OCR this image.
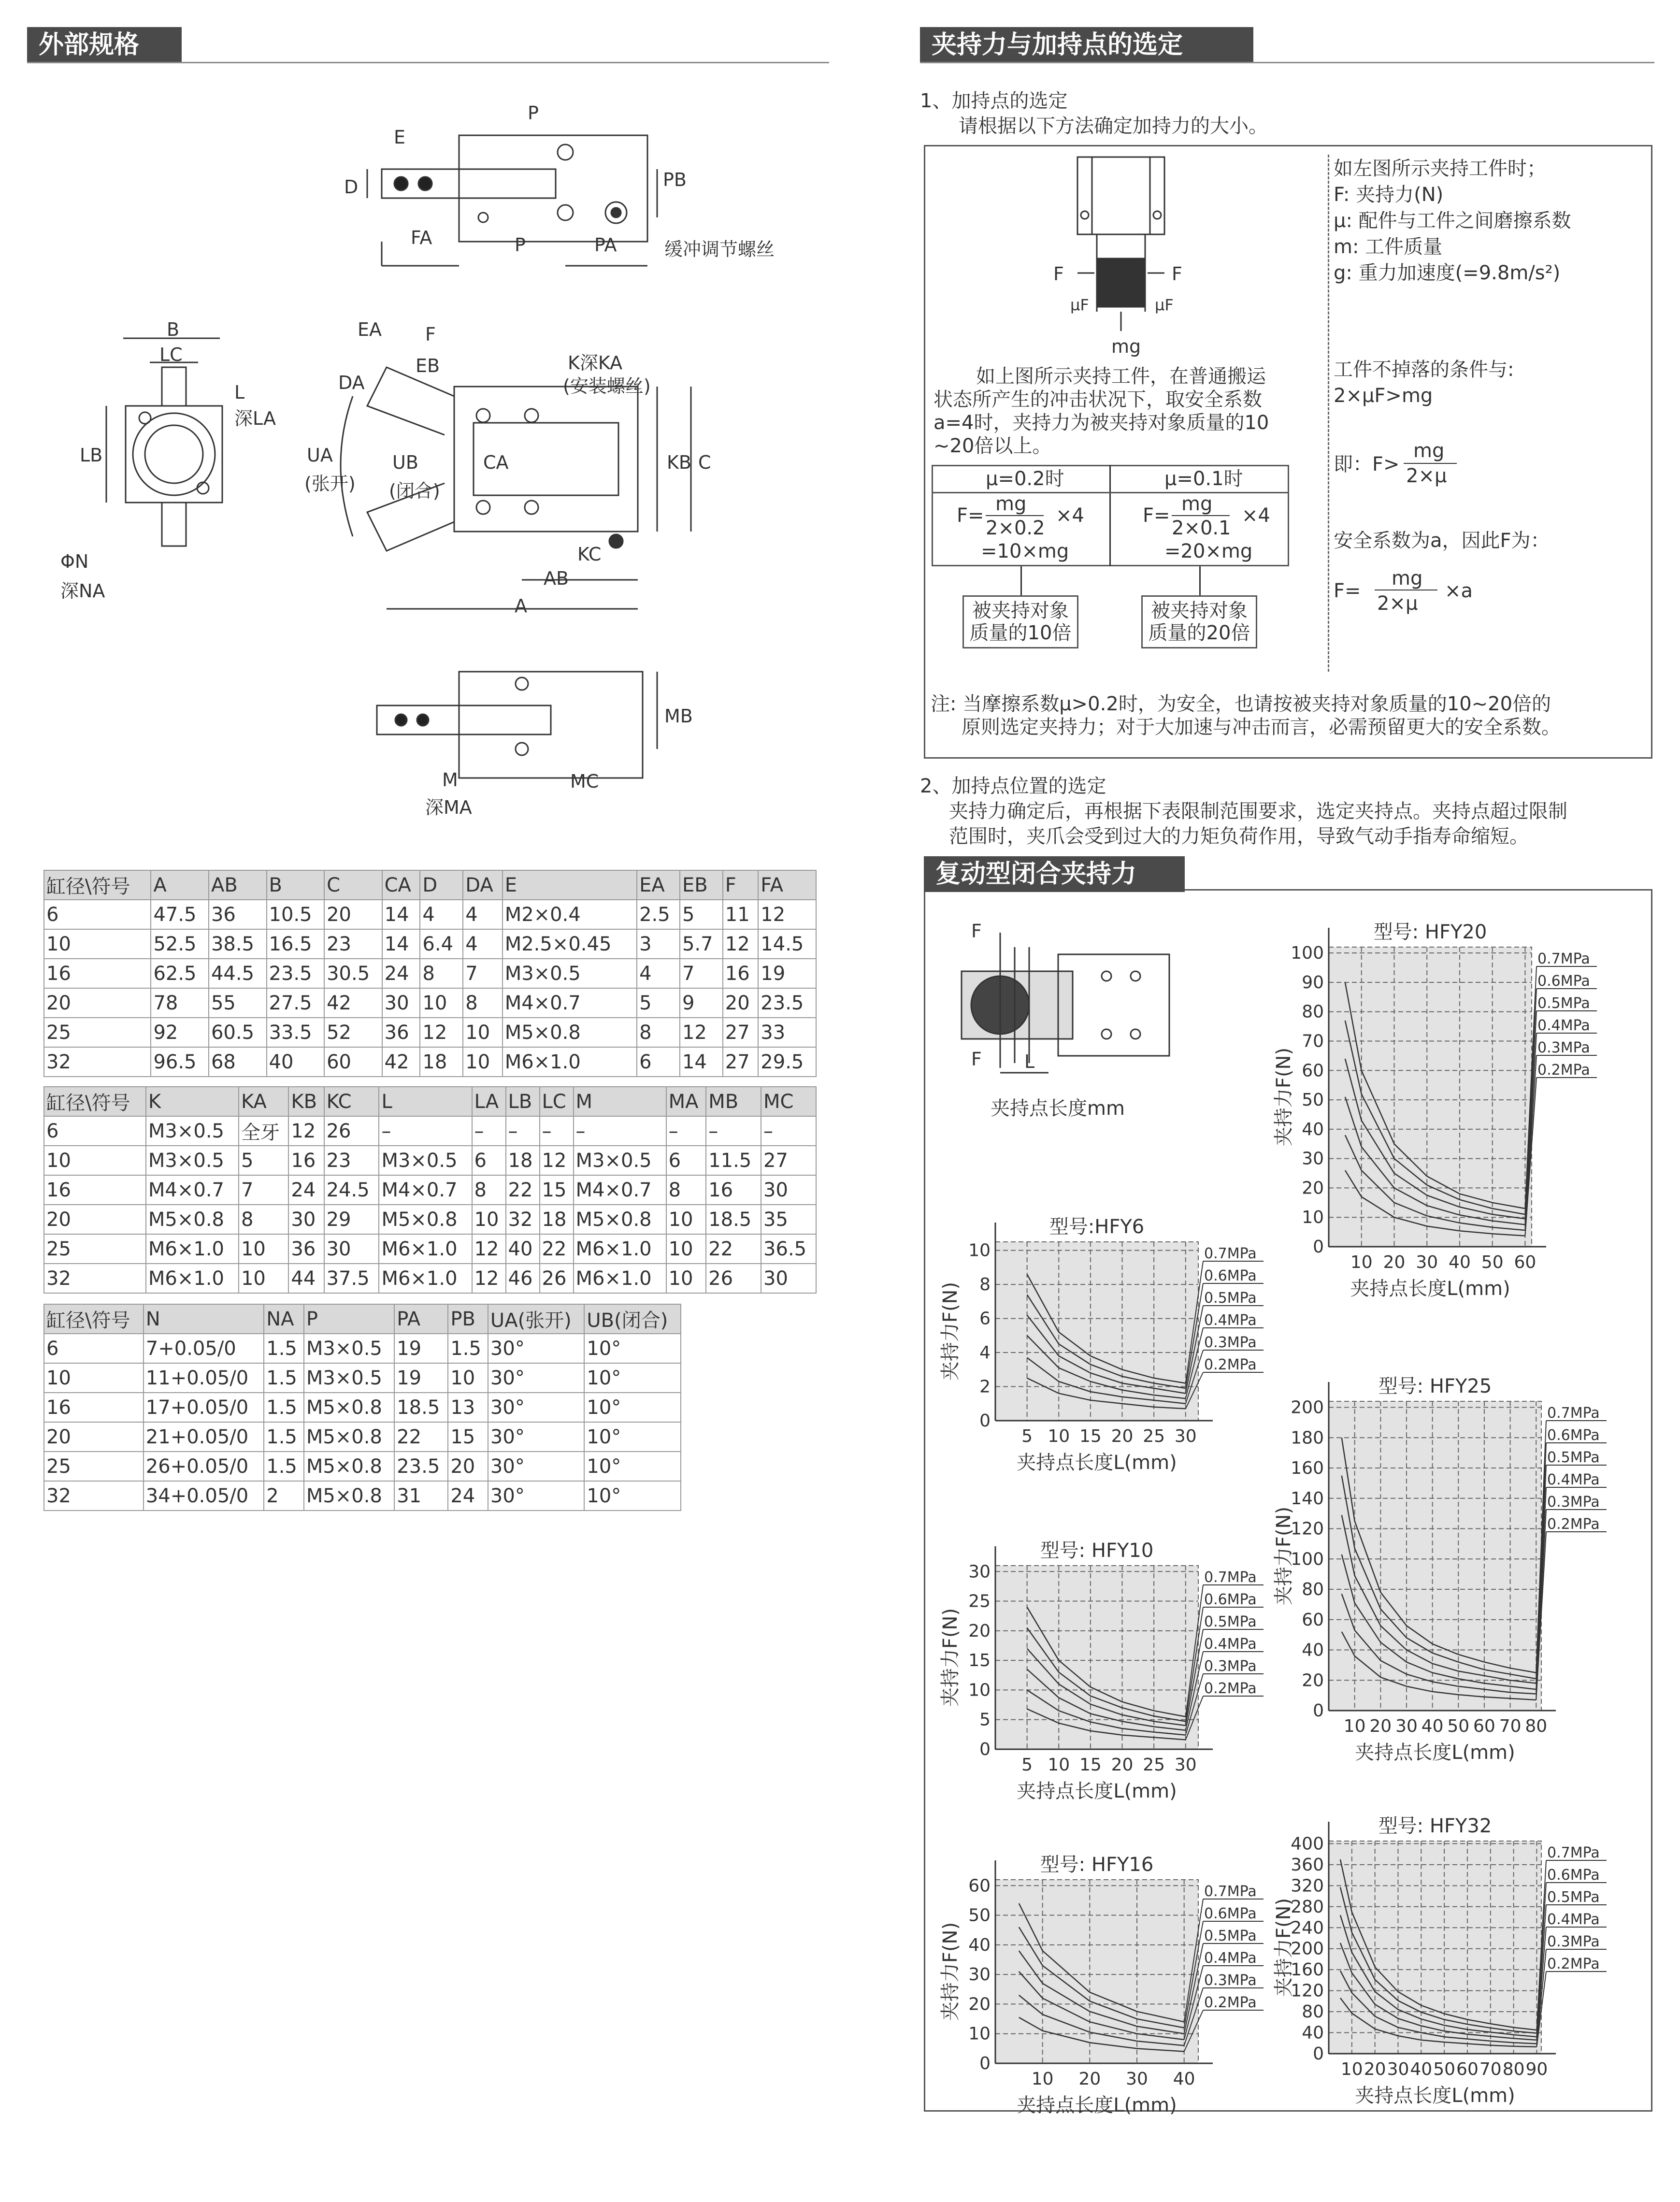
外部规格
E
P
D	PB
FA	P	PA	缓冲调节螺丝
B
LC
L
深LA
LB
ΦN
深NA
EA F
EB
DA
K深KA
(安装螺丝)
UA
(张开)
UB
(闭合)
CA	KB C
KC
AB
A
MB
M
深MA
MC
缸径\符号	A	AB	B	C	CA	D	DA	E	EA	EB	F	FA
6	47.5	36	10.5	20	14	4	4	M2×0.4	2.5	5	11	12
10	52.5	38.5	16.5	23	14	6.4	4	M2.5×0.45	3	5.7	12	14.5
16	62.5	44.5	23.5	30.5	24	8	7	M3×0.5	4	7	16	19
20	78	55	27.5	42	30	10	8	M4×0.7	5	9	20	23.5
25	92	60.5	33.5	52	36	12	10	M5×0.8	8	12	27	33
32	96.5	68	40	60	42	18	10	M6×1.0	6	14	27	29.5
缸径\符号	K	KA	KB	KC	L	LA	LB	LC	M	MA	MB	MC
6	M3×0.5	全牙	12	26	–	–	–	–	–	–	–	–
10	M3×0.5	5	16	23	M3×0.5	6	18	12	M3×0.5	6	11.5	27
16	M4×0.7	7	24	24.5	M4×0.7	8	22	15	M4×0.7	8	16	30
20	M5×0.8	8	30	29	M5×0.8	10	32	18	M5×0.8	10	18.5	35
25	M6×1.0	10	36	30	M6×1.0	12	40	22	M6×1.0	10	22	36.5
32	M6×1.0	10	44	37.5	M6×1.0	12	46	26	M6×1.0	10	26	30
缸径\符号	N	NA	P	PA	PB	UA(张开)	UB(闭合)
6	7+0.05/0	1.5	M3×0.5	19	1.5	30°	10°
10	11+0.05/0	1.5	M3×0.5	19	10	30°	10°
16	17+0.05/0	1.5	M5×0.8	18.5	13	30°	10°
20	21+0.05/0	1.5	M5×0.8	22	15	30°	10°
25	26+0.05/0	1.5	M5×0.8	23.5	20	30°	10°
32	34+0.05/0	2	M5×0.8	31	24	30°	10°
夹持力与加持点的选定
1、加持点的选定
请根据以下方法确定加持力的大小。
F	F
μF	μF
mg
如上图所示夹持工件，在普通搬运
状态所产生的冲击状况下，取安全系数
a=4时，夹持力为被夹持对象质量的10
~20倍以上。
μ=0.2时	μ=0.1时
mg
F=
2×0.2
×4
=10×mg
mg
F=
2×0.1
×4
=20×mg
被夹持对象
质量的10倍
被夹持对象
质量的20倍
如左图所示夹持工件时；
F: 夹持力(N)
μ: 配件与工件之间磨擦系数
m: 工件质量
g: 重力加速度(=9.8m/s²)
工件不掉落的条件与:
2×μF>mg
即：F>
mg
2×μ
安全系数为a，因此F为：
F=
mg
2×μ
×a
注: 当摩擦系数μ>0.2时，为安全，也请按被夹持对象质量的10~20倍的
原则选定夹持力；对于大加速与冲击而言，必需预留更大的安全系数。
2、加持点位置的选定
夹持力确定后，再根据下表限制范围要求，选定夹持点。夹持点超过限制
范围时，夹爪会受到过大的力矩负荷作用，导致气动手指寿命缩短。
复动型闭合夹持力
F
F L
夹持点长度mm
0
2
4
6
8
10
5 10 15 20 25 30
型号:HFY6
夹持点长度L(mm)
夹持力F(N)
0.7MPa
0.6MPa
0.5MPa
0.4MPa
0.3MPa
0.2MPa
0
5
10
15
20
25
30
5 10 15 20 25 30
型号: HFY10
夹持点长度L(mm)
夹持力F(N)
0.7MPa
0.6MPa
0.5MPa
0.4MPa
0.3MPa
0.2MPa
0
10
20
30
40
50
60
10 20 30 40
型号: HFY16
夹持点长度L(mm)
夹持力F(N)
0.7MPa
0.6MPa
0.5MPa
0.4MPa
0.3MPa
0.2MPa
0
10
20
30
40
50
60
70
80
90
100
10 20 30 40 50 60
型号: HFY20
夹持点长度L(mm)
夹持力F(N)
0.7MPa
0.6MPa
0.5MPa
0.4MPa
0.3MPa
0.2MPa
0
20
40
60
80
100
120
140
160
180
200
10 20 30 40 50 60 70 80
型号: HFY25
夹持点长度L(mm)
夹持力F(N)
0.7MPa
0.6MPa
0.5MPa
0.4MPa
0.3MPa
0.2MPa
0
40
80
120
160
200
240
280
320
360
400
10 20 30 40 50 60 70 80 90
型号: HFY32
夹持点长度L(mm)
夹持力F(N)
0.7MPa
0.6MPa
0.5MPa
0.4MPa
0.3MPa
0.2MPa
